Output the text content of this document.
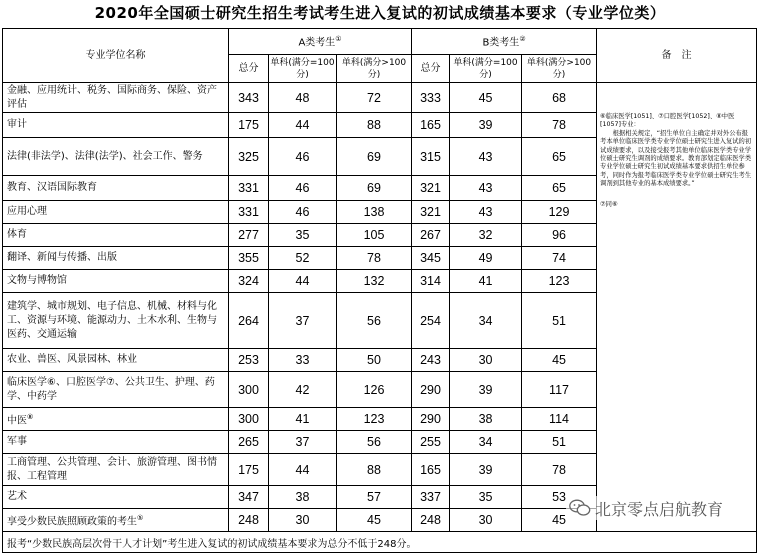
2020年全国硕士研究生招生考试考生进入复试的初试成绩基本要求（专业学位类）
专业学位名称	A类考生①			B类考生②			备　注
	总分	单科(满分=100分)	单科(满分>100分)	总分	单科(满分=100分)	单科(满分>100分)	
金融、应用统计、税务、国际商务、保险、资产评估	343	48	72	333	45	68	⑥临床医学[1051]、⑦口腔医学[1052]、⑧中医[1057]专业：

根据相关规定，“招生单位自主确定并对外公布报考本单位临床医学类专业学位硕士研究生进入复试的初试成绩要求，以及接受报考其他单位临床医学类专业学位硕士研究生调剂的成绩要求。教育部划定临床医学类专业学位硕士研究生初试成绩基本要求供招生单位参考，同时作为报考临床医学类专业学位硕士研究生考生调剂到其他专业的基本成绩要求。”

⑦同⑥

审计	175	44	88	165	39	78	
法律(非法学)、法律(法学)、社会工作、警务	325	46	69	315	43	65	
教育、汉语国际教育	331	46	69	321	43	65	
应用心理	331	46	138	321	43	129	
体育	277	35	105	267	32	96	
翻译、新闻与传播、出版	355	52	78	345	49	74	
文物与博物馆	324	44	132	314	41	123	
建筑学、城市规划、电子信息、机械、材料与化工、资源与环境、能源动力、土木水利、生物与医药、交通运输	264	37	56	254	34	51	
农业、兽医、风景园林、林业	253	33	50	243	30	45	
临床医学⑥、口腔医学⑦、公共卫生、护理、药学、中药学	300	42	126	290	39	117	
中医⑧	300	41	123	290	38	114	
军事	265	37	56	255	34	51	
工商管理、公共管理、会计、旅游管理、图书情报、工程管理	175	44	88	165	39	78	
艺术	347	38	57	337	35	53	
享受少数民族照顾政策的考生⑤	248	30	45	248	30	45	
报考“少数民族高层次骨干人才计划”考生进入复试的初试成绩基本要求为总分不低于248分。							
北京零点启航教育
